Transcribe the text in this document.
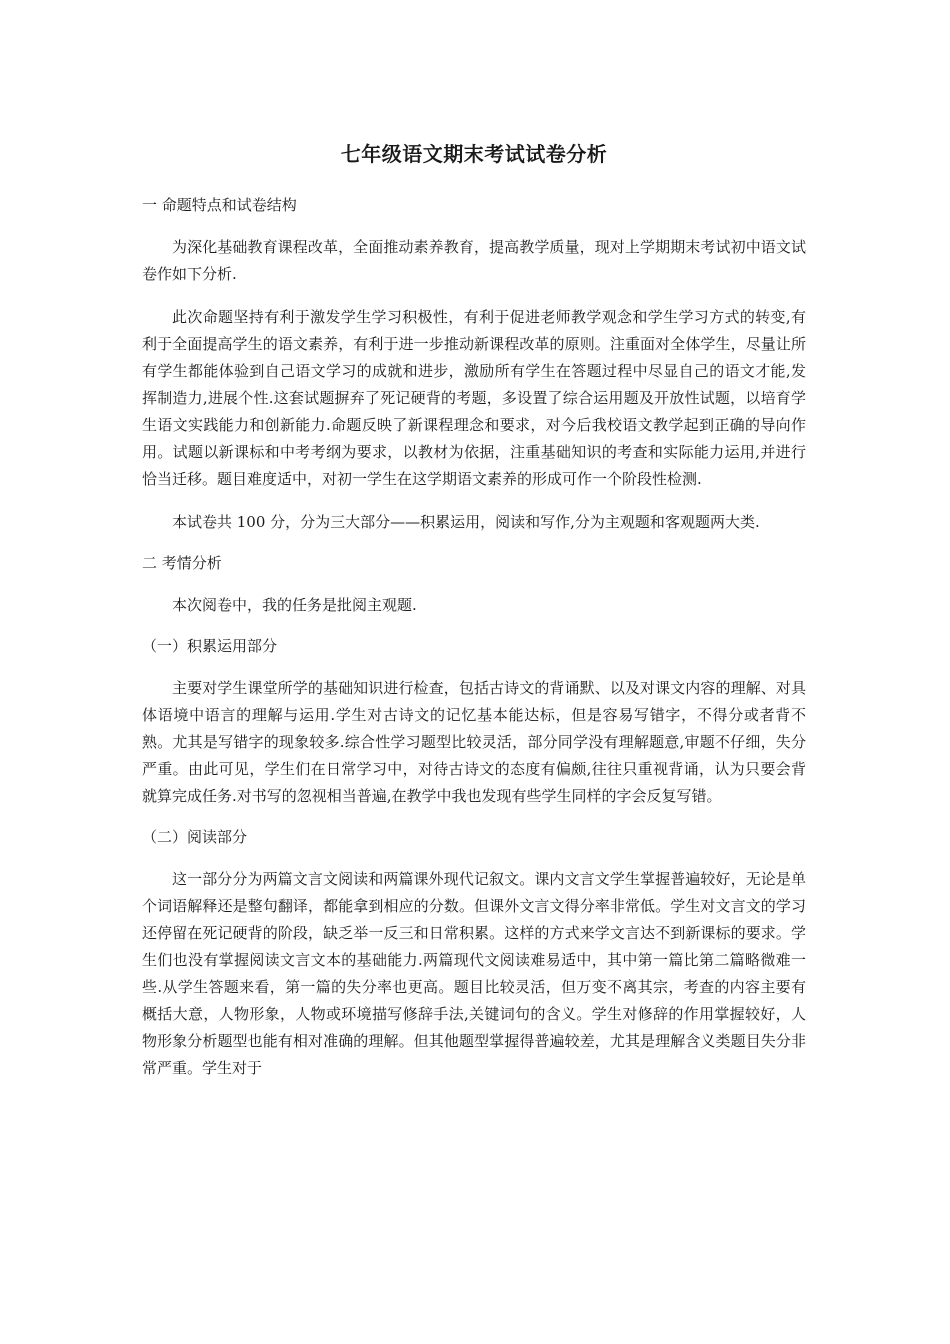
七年级语文期末考试试卷分析
一 命题特点和试卷结构

为深化基础教育课程改革，全面推动素养教育，提高教学质量，现对上学期期末考试初中语文试卷作如下分析.

此次命题坚持有利于激发学生学习积极性，有利于促进老师教学观念和学生学习方式的转变,有利于全面提高学生的语文素养，有利于进一步推动新课程改革的原则。注重面对全体学生，尽量让所有学生都能体验到自己语文学习的成就和进步，激励所有学生在答题过程中尽显自己的语文才能,发挥制造力,进展个性.这套试题摒弃了死记硬背的考题，多设置了综合运用题及开放性试题，以培育学生语文实践能力和创新能力.命题反映了新课程理念和要求，对今后我校语文教学起到正确的导向作用。试题以新课标和中考考纲为要求，以教材为依据，注重基础知识的考查和实际能力运用,并进行恰当迁移。题目难度适中，对初一学生在这学期语文素养的形成可作一个阶段性检测.

本试卷共 100 分，分为三大部分——积累运用，阅读和写作,分为主观题和客观题两大类.

二 考情分析

本次阅卷中，我的任务是批阅主观题.

（一）积累运用部分

主要对学生课堂所学的基础知识进行检查，包括古诗文的背诵默、以及对课文内容的理解、对具体语境中语言的理解与运用.学生对古诗文的记忆基本能达标，但是容易写错字，不得分或者背不熟。尤其是写错字的现象较多.综合性学习题型比较灵活，部分同学没有理解题意,审题不仔细，失分严重。由此可见，学生们在日常学习中，对待古诗文的态度有偏颇,往往只重视背诵，认为只要会背就算完成任务.对书写的忽视相当普遍,在教学中我也发现有些学生同样的字会反复写错。

（二）阅读部分

这一部分分为两篇文言文阅读和两篇课外现代记叙文。课内文言文学生掌握普遍较好，无论是单个词语解释还是整句翻译，都能拿到相应的分数。但课外文言文得分率非常低。学生对文言文的学习还停留在死记硬背的阶段，缺乏举一反三和日常积累。这样的方式来学文言达不到新课标的要求。学生们也没有掌握阅读文言文本的基础能力.两篇现代文阅读难易适中，其中第一篇比第二篇略微难一些.从学生答题来看，第一篇的失分率也更高。题目比较灵活，但万变不离其宗，考查的内容主要有概括大意，人物形象，人物或环境描写修辞手法,关键词句的含义。学生对修辞的作用掌握较好，人物形象分析题型也能有相对准确的理解。但其他题型掌握得普遍较差，尤其是理解含义类题目失分非常严重。学生对于
